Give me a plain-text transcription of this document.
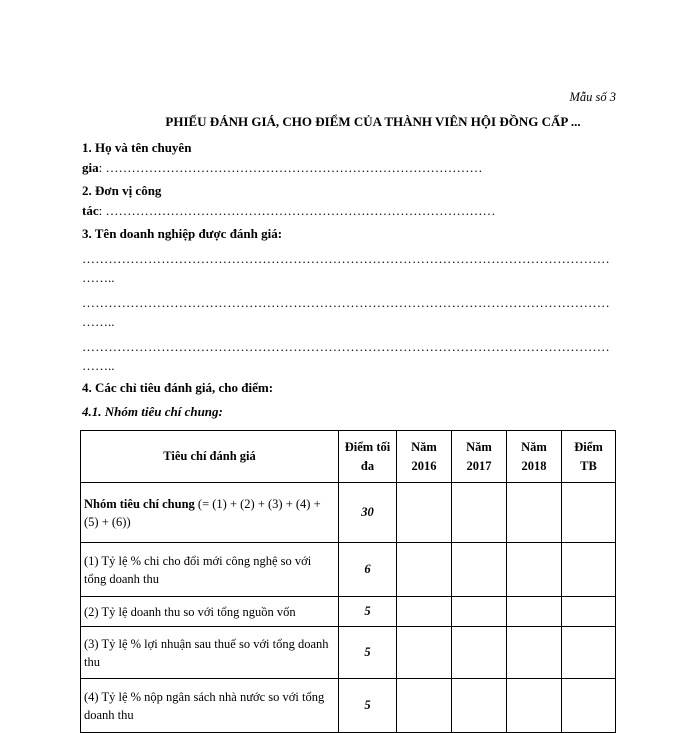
Mẫu số 3
PHIẾU ĐÁNH GIÁ, CHO ĐIỂM CỦA THÀNH VIÊN HỘI ĐỒNG CẤP ...
1. Họ và tên chuyên
gia: ……………………………………………………………………………
2. Đơn vị công
tác: ………………………………………………………………………………
3. Tên doanh nghiệp được đánh giá:
…………………………………………………………………………………………………………
……..
…………………………………………………………………………………………………………
……..
…………………………………………………………………………………………………………
……..
4. Các chỉ tiêu đánh giá, cho điểm:
4.1. Nhóm tiêu chí chung:
Tiêu chí đánh giá	Điểm tối đa	Năm 2016	Năm 2017	Năm 2018	Điểm TB
Nhóm tiêu chí chung (= (1) + (2) + (3) + (4) + (5) + (6))	30				
(1) Tỷ lệ % chi cho đổi mới công nghệ so với tổng doanh thu	6				
(2) Tỷ lệ doanh thu so với tổng nguồn vốn	5				
(3) Tỷ lệ % lợi nhuận sau thuế so với tổng doanh thu	5				
(4) Tỷ lệ % nộp ngân sách nhà nước so với tổng doanh thu	5				
